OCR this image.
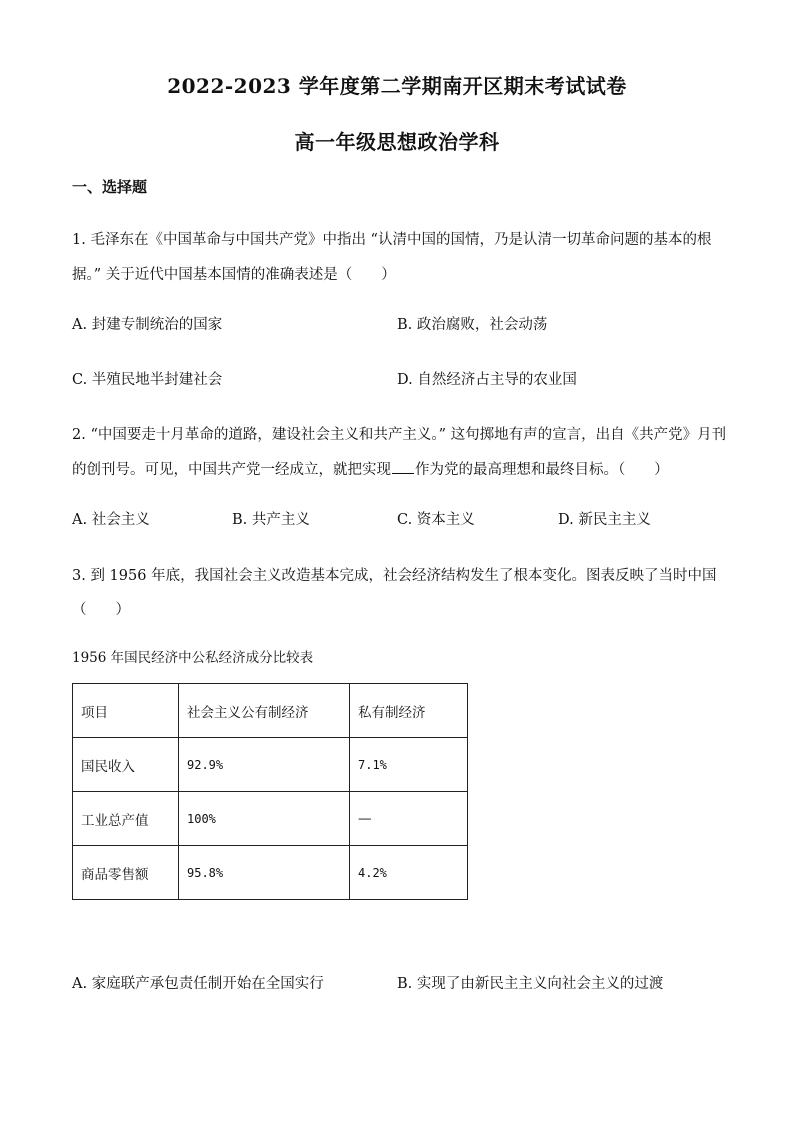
2022-2023 学年度第二学期南开区期末考试试卷
高一年级思想政治学科
一、选择题
1. 毛泽东在《中国革命与中国共产党》中指出 “认清中国的国情，乃是认清一切革命问题的基本的根
据。” 关于近代中国基本国情的准确表述是（　　）
A. 封建专制统治的国家	B. 政治腐败，社会动荡
C. 半殖民地半封建社会	D. 自然经济占主导的农业国
2. “中国要走十月革命的道路，建设社会主义和共产主义。” 这句掷地有声的宣言，出自《共产党》月刊
的创刊号。可见，中国共产党一经成立，就把实现 作为党的最高理想和最终目标。（　　）
A. 社会主义	B. 共产主义	C. 资本主义	D. 新民主主义
3. 到 1956 年底，我国社会主义改造基本完成，社会经济结构发生了根本变化。图表反映了当时中国
（　　）
1956 年国民经济中公私经济成分比较表
项目	社会主义公有制经济	私有制经济
国民收入	92.9%	7.1%
工业总产值	100%	—
商品零售额	95.8%	4.2%
A. 家庭联产承包责任制开始在全国实行	B. 实现了由新民主主义向社会主义的过渡
